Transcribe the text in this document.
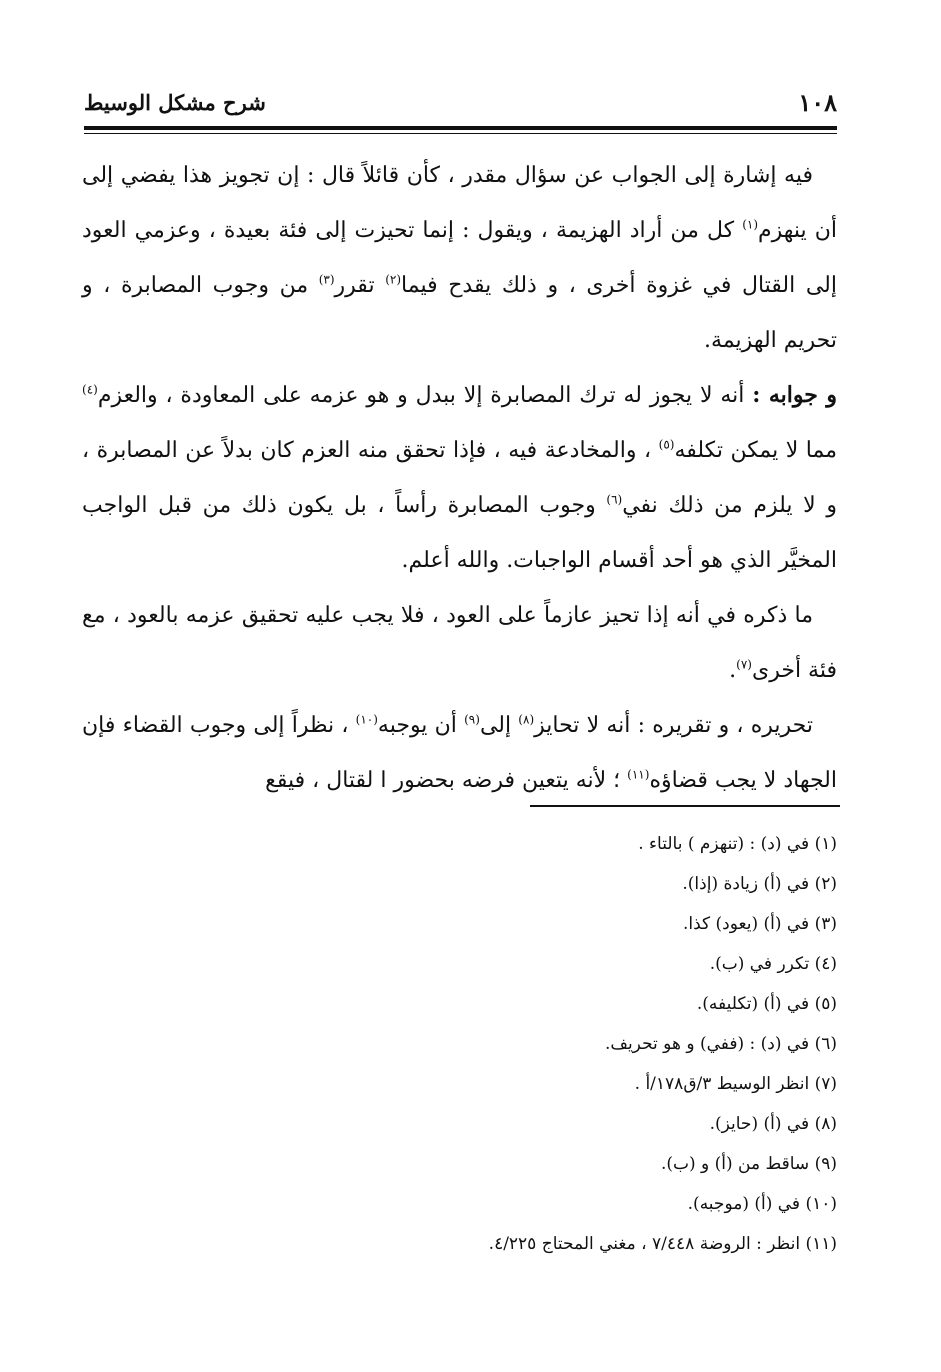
١٠٨
شرح مشكل الوسيط

فيه إشارة إلى الجواب عن سؤال مقدر ، كأن قائلاً قال : إن تجويز هذا يفضي إلى أن ينهزم$^{(١)}$ كل من أراد الهزيمة ، ويقول : إنما تحيزت إلى فئة بعيدة ، وعزمي العود إلى القتال في غزوة أخرى ، و ذلك يقدح فيما$^{(٢)}$ تقرر$^{(٣)}$ من وجوب المصابرة ، و تحريم الهزيمة.

و جوابه : أنه لا يجوز له ترك المصابرة إلا ببدل و هو عزمه على المعاودة ، والعزم$^{(٤)}$ مما لا يمكن تكلفه$^{(٥)}$ ، والمخادعة فيه ، فإذا تحقق منه العزم كان بدلاً عن المصابرة ، و لا يلزم من ذلك نفي$^{(٦)}$ وجوب المصابرة رأساً ، بل يكون ذلك من قبل الواجب المخيَّر الذي هو أحد أقسام الواجبات. والله أعلم.

ما ذكره في أنه إذا تحيز عازماً على العود ، فلا يجب عليه تحقيق عزمه بالعود ، مع فئة أخرى$^{(٧)}$.

تحريره ، و تقريره : أنه لا تحايز$^{(٨)}$ إلى$^{(٩)}$ أن يوجبه$^{(١٠)}$ ، نظراً إلى وجوب القضاء فإن الجهاد لا يجب قضاؤه$^{(١١)}$ ؛ لأنه يتعين فرضه بحضور ا لقتال ، فيقع

(١) في (د) : (تنهزم ) بالتاء .
(٢) في (أ) زيادة (إذا).
(٣) في (أ) (يعود) كذا.
(٤) تكرر في (ب).
(٥) في (أ) (تكليفه).
(٦) في (د) : (ففي) و هو تحريف.
(٧) انظر الوسيط ٣/ق١٧٨/أ .
(٨) في (أ) (حايز).
(٩) ساقط من (أ) و (ب).
(١٠) في (أ) (موجبه).
(١١) انظر : الروضة ٧/٤٤٨ ، مغني المحتاج ٤/٢٢٥.
